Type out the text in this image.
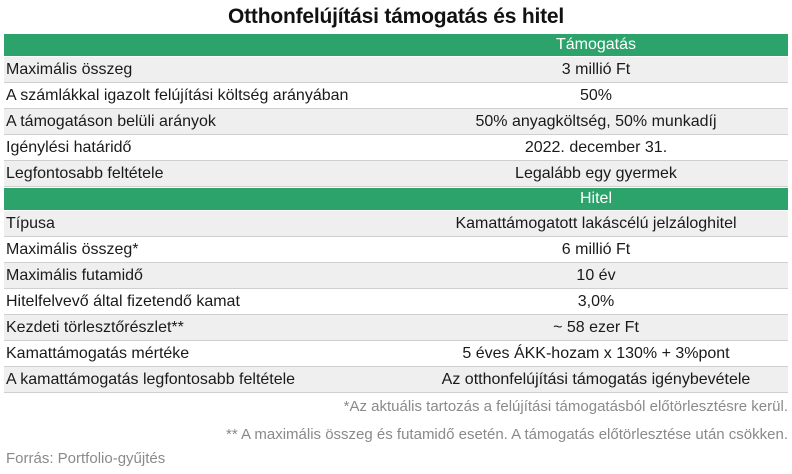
Otthonfelújítási támogatás és hitel
Támogatás
Maximális összeg	3 millió Ft
A számlákkal igazolt felújítási költség arányában	50%
A támogatáson belüli arányok	50% anyagköltség, 50% munkadíj
Igénylési határidő	2022. december 31.
Legfontosabb feltétele	Legalább egy gyermek
Hitel
Típusa	Kamattámogatott lakáscélú jelzáloghitel
Maximális összeg*	6 millió Ft
Maximális futamidő	10 év
Hitelfelvevő által fizetendő kamat	3,0%
Kezdeti törlesztőrészlet**	~ 58 ezer Ft
Kamattámogatás mértéke	5 éves ÁKK-hozam x 130% + 3%pont
A kamattámogatás legfontosabb feltétele	Az otthonfelújítási támogatás igénybevétele
*Az aktuális tartozás a felújítási támogatásból előtörlesztésre kerül.
** A maximális összeg és futamidő esetén. A támogatás előtörlesztése után csökken.
Forrás: Portfolio-gyűjtés
